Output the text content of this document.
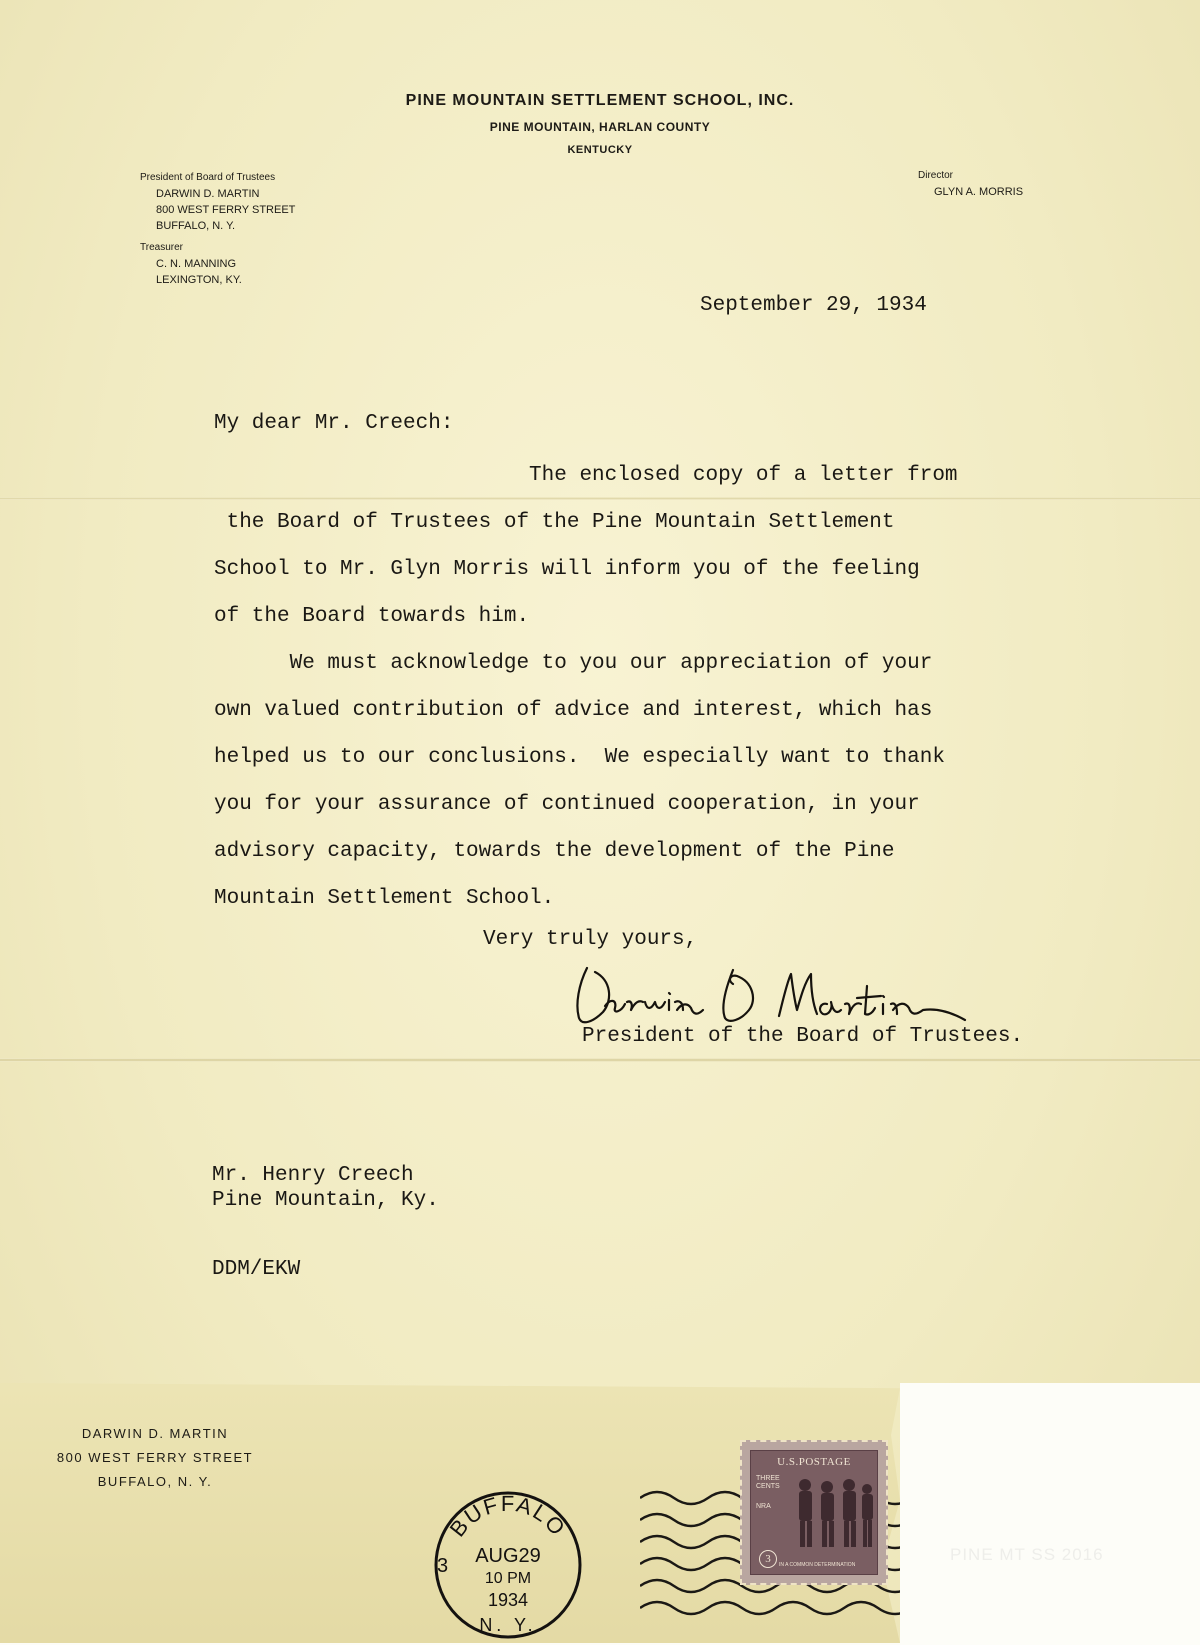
PINE MOUNTAIN SETTLEMENT SCHOOL, INC.
PINE MOUNTAIN, HARLAN COUNTY
KENTUCKY
President of Board of Trustees
DARWIN D. MARTIN
800 WEST FERRY STREET
BUFFALO, N. Y.
Treasurer
C. N. MANNING
LEXINGTON, KY.
Director
GLYN A. MORRIS
September 29, 1934
My dear Mr. Creech:
The enclosed copy of a letter from
the Board of Trustees of the Pine Mountain Settlement
School to Mr. Glyn Morris will inform you of the feeling
of the Board towards him.
We must acknowledge to you our appreciation of your
own valued contribution of advice and interest, which has
helped us to our conclusions.  We especially want to thank
you for your assurance of continued cooperation, in your
advisory capacity, towards the development of the Pine
Mountain Settlement School.
Very truly yours,
President of the Board of Trustees.
Mr. Henry Creech
Pine Mountain, Ky.
DDM/EKW
DARWIN D. MARTIN
800 WEST FERRY STREET
BUFFALO, N. Y.
BUFFALO
AUG29
10 PM
1934
3
N. Y.
U.S.POSTAGE
THREE CENTS
NRA
3	IN A COMMON DETERMINATION
PINE MT SS 2016
